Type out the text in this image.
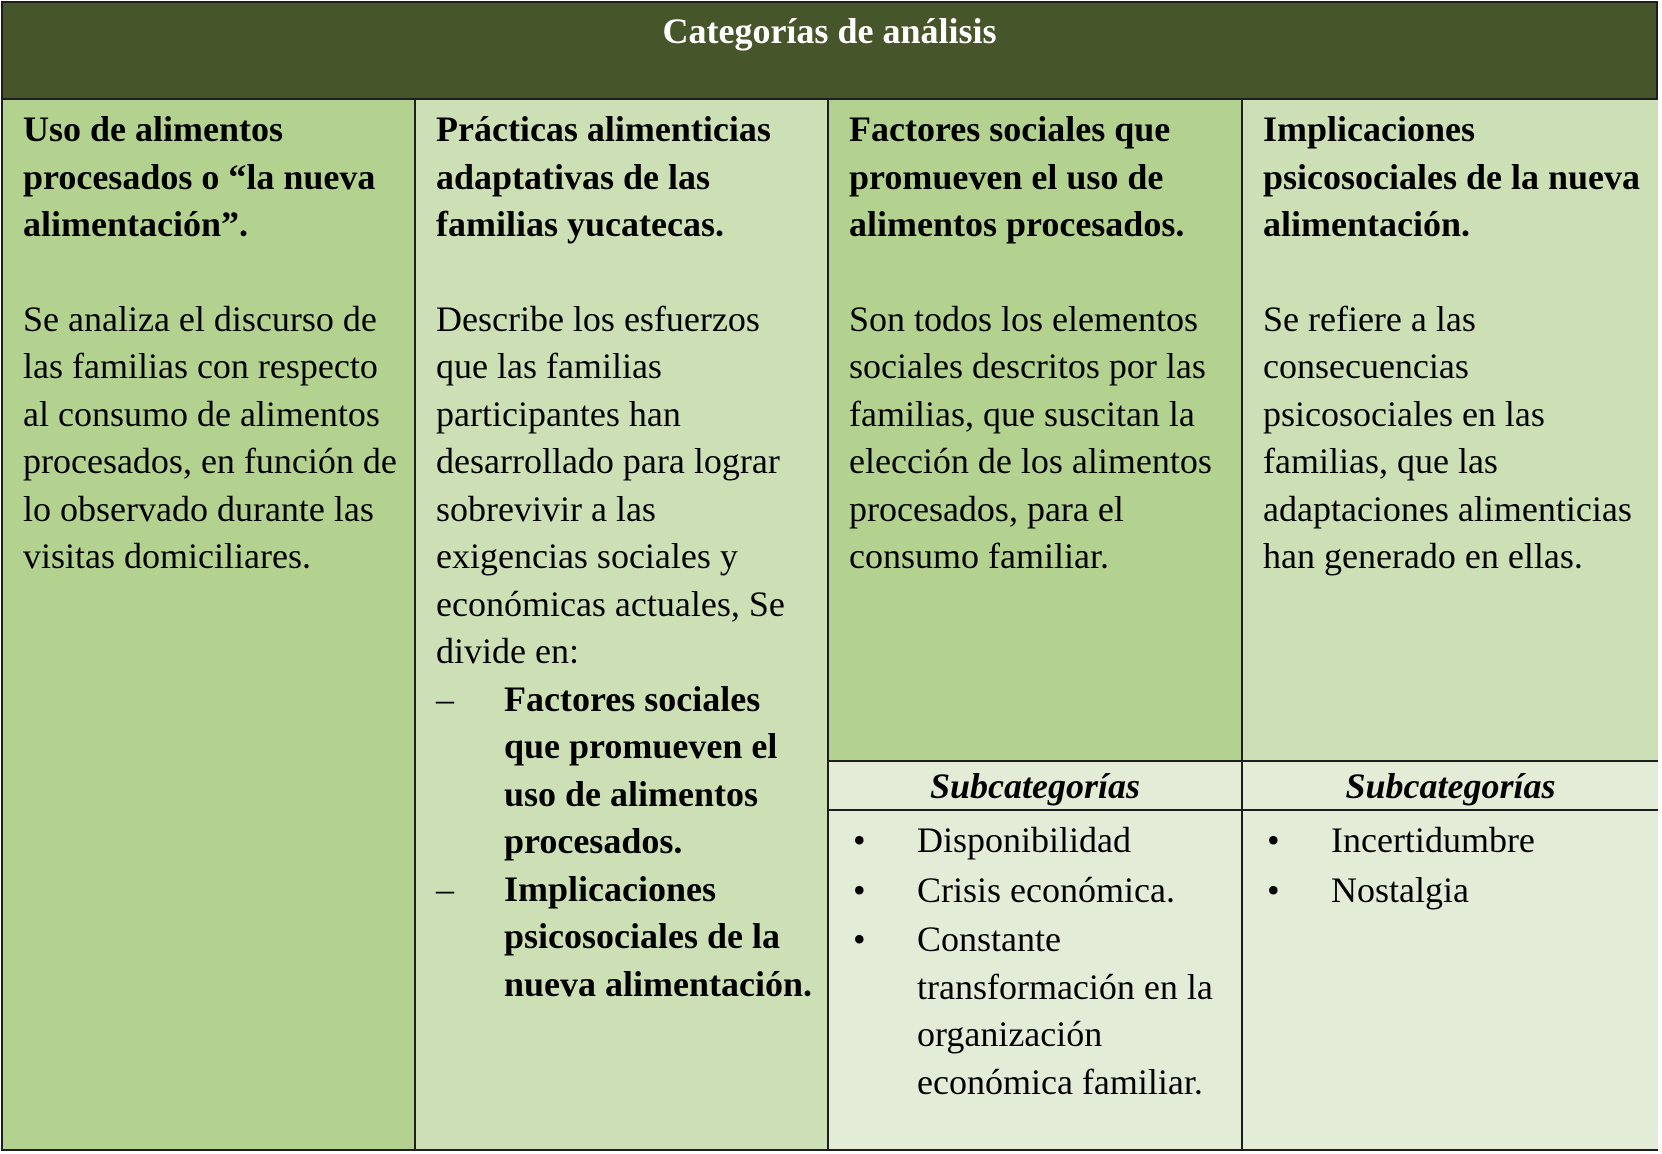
Categorías de análisis
Uso de alimentos procesados o “la nueva alimentación”.
Se analiza el discurso de las familias con respecto al consumo de alimentos procesados, en función de lo observado durante las visitas domiciliares.
Prácticas alimenticias adaptativas de las familias yucatecas.
Describe los esfuerzos que las familias participantes han desarrollado para lograr sobrevivir a las exigencias sociales y económicas actuales, Se divide en:
– Factores sociales que promueven el uso de alimentos procesados.
– Implicaciones psicosociales de la nueva alimentación.
Factores sociales que promueven el uso de alimentos procesados.
Son todos los elementos sociales descritos por las familias, que suscitan la elección de los alimentos procesados, para el consumo familiar.
Implicaciones psicosociales de la nueva alimentación.
Se refiere a las consecuencias psicosociales en las familias, que las adaptaciones alimenticias han generado en ellas.
Subcategorías	Subcategorías
• Disponibilidad
• Crisis económica.
• Constante transformación en la organización económica familiar.
• Incertidumbre
• Nostalgia
